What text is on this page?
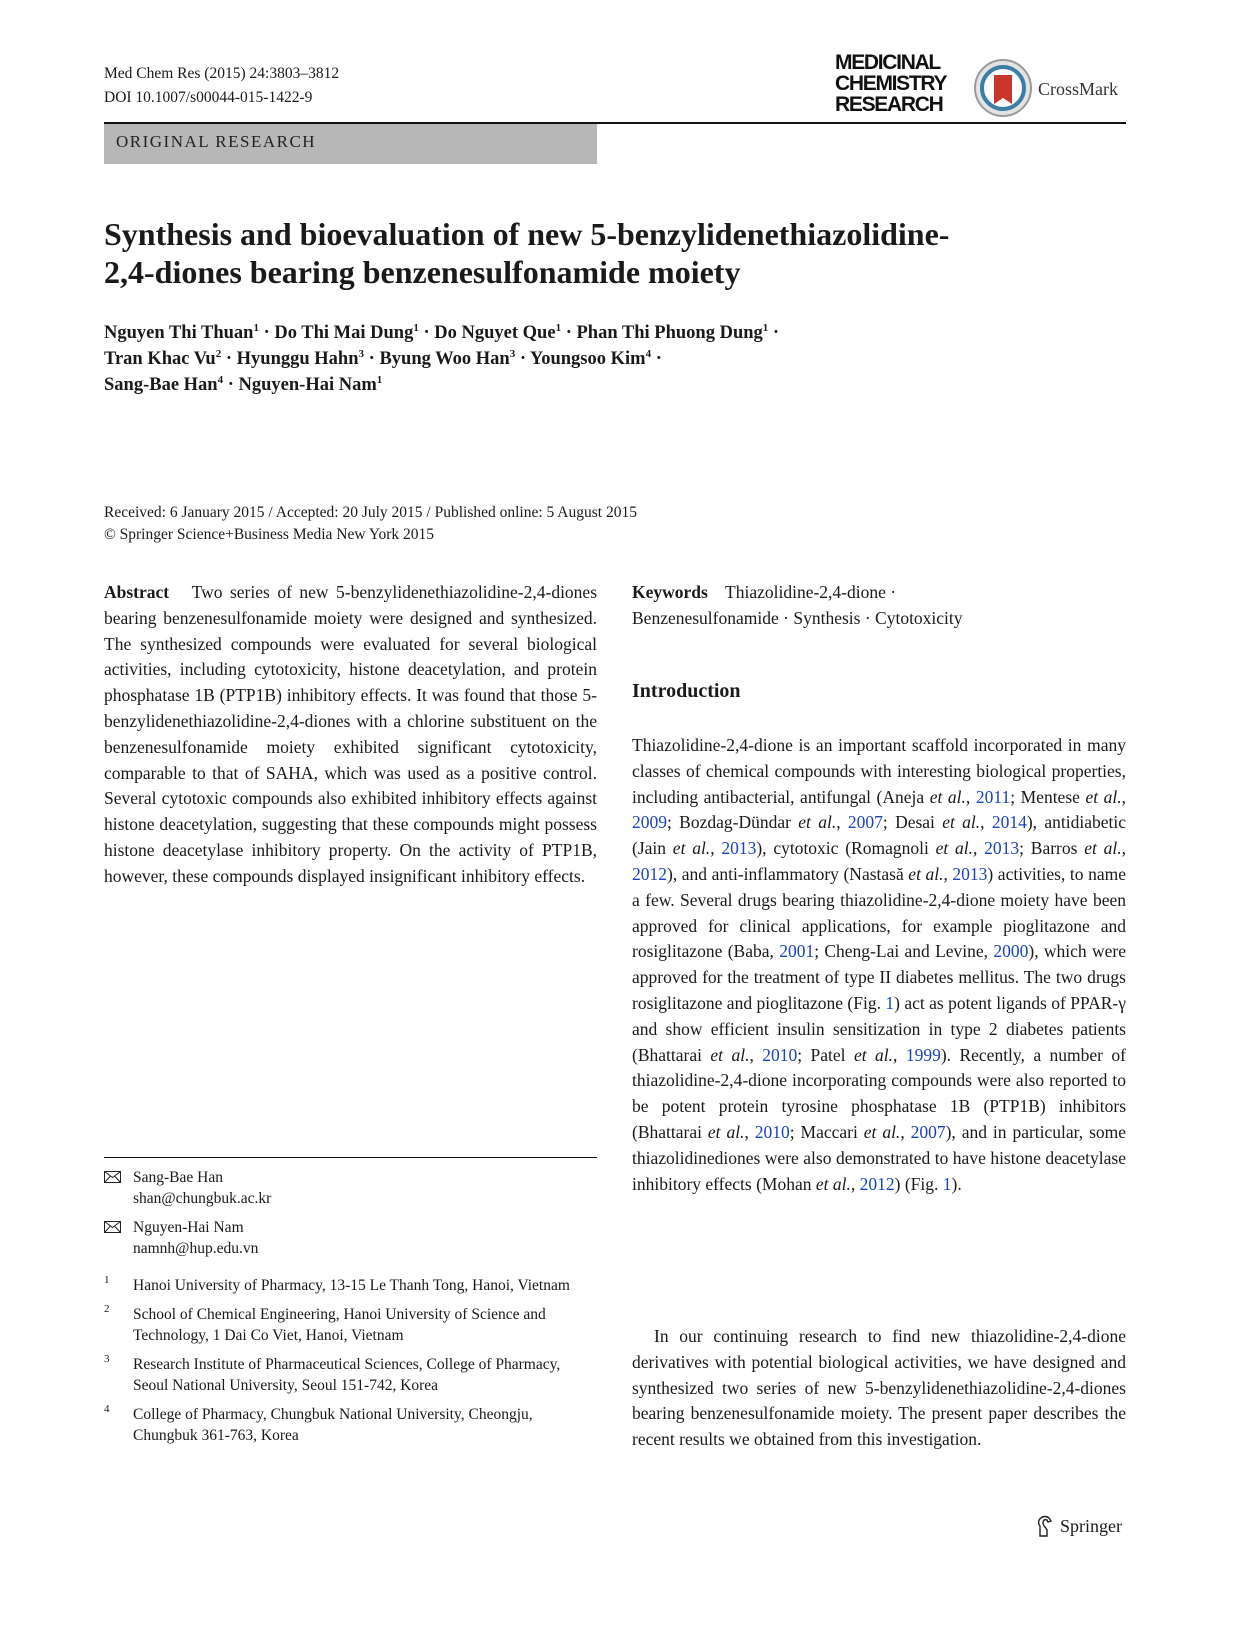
Med Chem Res (2015) 24:3803–3812
DOI 10.1007/s00044-015-1422-9
MEDICINAL
CHEMISTRY
RESEARCH
CrossMark
ORIGINAL RESEARCH
Synthesis and bioevaluation of new 5-benzylidenethiazolidine-
2,4-diones bearing benzenesulfonamide moiety
Nguyen Thi Thuan$^1$ · Do Thi Mai Dung$^1$ · Do Nguyet Que$^1$ · Phan Thi Phuong Dung$^1$ ·
Tran Khac $Vu^2$ · Hyunggu Hahn$^3$ · Byung Woo Han$^3$ · Youngsoo Kim$^4$ ·
Sang-Bae Han$^4$ · Nguyen-Hai Nam$^1$
Received: 6 January 2015 / Accepted: 20 July 2015 / Published online: 5 August 2015
© Springer Science+Business Media New York 2015
Abstract Two series of new 5-benzylidenethiazolidine-2,4-diones bearing benzenesulfonamide moiety were designed and synthesized. The synthesized compounds were evaluated for several biological activities, including cytotoxicity, histone deacetylation, and protein phosphatase 1B (PTP1B) inhibitory effects. It was found that those 5-benzylidenethiazolidine-2,4-diones with a chlorine substituent on the benzenesulfonamide moiety exhibited significant cytotoxicity, comparable to that of SAHA, which was used as a positive control. Several cytotoxic compounds also exhibited inhibitory effects against histone deacetylation, suggesting that these compounds might possess histone deacetylase inhibitory property. On the activity of PTP1B, however, these compounds displayed insignificant inhibitory effects.
Keywords Thiazolidine-2,4-dione ·
Benzenesulfonamide · Synthesis · Cytotoxicity
Introduction
Thiazolidine-2,4-dione is an important scaffold incorporated in many classes of chemical compounds with interesting biological properties, including antibacterial, antifungal (Aneja et al., 2011; Mentese et al., 2009; Bozdag-Dündar et al., 2007; Desai et al., 2014), antidiabetic (Jain et al., 2013), cytotoxic (Romagnoli et al., 2013; Barros et al., 2012), and anti-inflammatory (Nastasă et al., 2013) activities, to name a few. Several drugs bearing thiazolidine-2,4-dione moiety have been approved for clinical applications, for example pioglitazone and rosiglitazone (Baba, 2001; Cheng-Lai and Levine, 2000), which were approved for the treatment of type II diabetes mellitus. The two drugs rosiglitazone and pioglitazone (Fig. 1) act as potent ligands of PPAR-γ and show efficient insulin sensitization in type 2 diabetes patients (Bhattarai et al., 2010; Patel et al., 1999). Recently, a number of thiazolidine-2,4-dione incorporating compounds were also reported to be potent protein tyrosine phosphatase 1B (PTP1B) inhibitors (Bhattarai et al., 2010; Maccari et al., 2007), and in particular, some thiazolidinediones were also demonstrated to have histone deacetylase inhibitory effects (Mohan et al., 2012) (Fig. 1).
In our continuing research to find new thiazolidine-2,4-dione derivatives with potential biological activities, we have designed and synthesized two series of new 5-benzylidenethiazolidine-2,4-diones bearing benzenesulfonamide moiety. The present paper describes the recent results we obtained from this investigation.
Sang-Bae Han
shan@chungbuk.ac.kr
Nguyen-Hai Nam
namnh@hup.edu.vn
1 Hanoi University of Pharmacy, 13-15 Le Thanh Tong, Hanoi, Vietnam
2 School of Chemical Engineering, Hanoi University of Science and Technology, 1 Dai Co Viet, Hanoi, Vietnam
3 Research Institute of Pharmaceutical Sciences, College of Pharmacy, Seoul National University, Seoul 151-742, Korea
4 College of Pharmacy, Chungbuk National University, Cheongju, Chungbuk 361-763, Korea
Springer
